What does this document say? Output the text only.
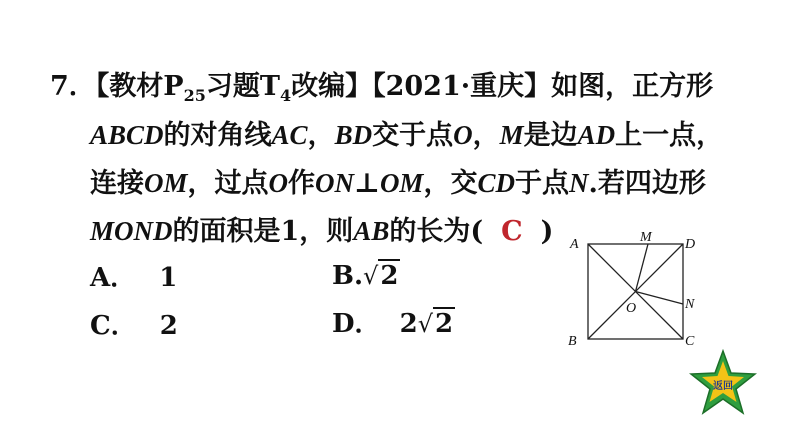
7．【教材$P_{25}$习题$T_4$改编】【2021·重庆】如图，正方形
ABCD的对角线AC，BD交于点O，M是边AD上一点，
连接OM，过点O作ON⊥OM，交CD于点N.若四边形
MOND的面积是1，则AB的长为( C )
A． 1	B.√2
C． 2	D． 2√2
A
B	C
D
M
N
O
返回
